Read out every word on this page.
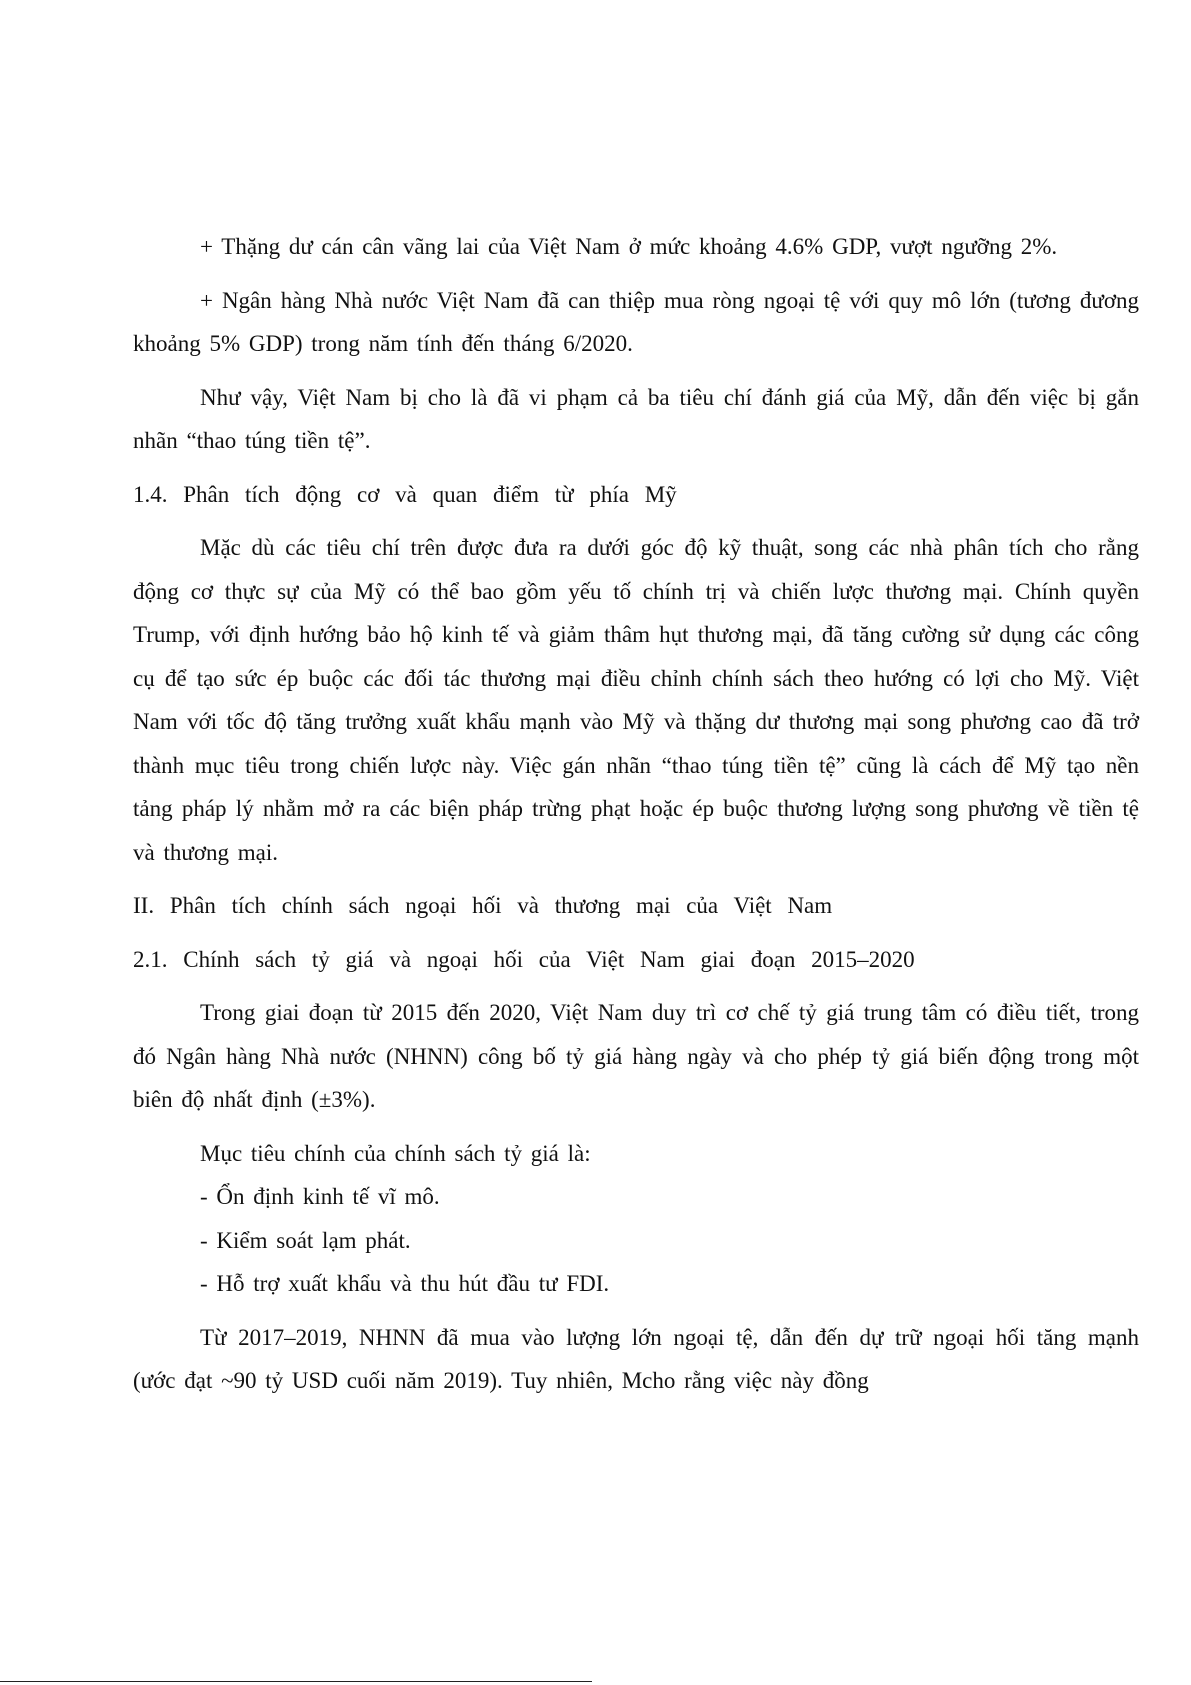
+ Thặng dư cán cân vãng lai của Việt Nam ở mức khoảng 4.6% GDP, vượt ngưỡng 2%.

+ Ngân hàng Nhà nước Việt Nam đã can thiệp mua ròng ngoại tệ với quy mô lớn (tương đương khoảng 5% GDP) trong năm tính đến tháng 6/2020.

Như vậy, Việt Nam bị cho là đã vi phạm cả ba tiêu chí đánh giá của Mỹ, dẫn đến việc bị gắn nhãn “thao túng tiền tệ”.

1.4. Phân tích động cơ và quan điểm từ phía Mỹ

Mặc dù các tiêu chí trên được đưa ra dưới góc độ kỹ thuật, song các nhà phân tích cho rằng động cơ thực sự của Mỹ có thể bao gồm yếu tố chính trị và chiến lược thương mại. Chính quyền Trump, với định hướng bảo hộ kinh tế và giảm thâm hụt thương mại, đã tăng cường sử dụng các công cụ để tạo sức ép buộc các đối tác thương mại điều chỉnh chính sách theo hướng có lợi cho Mỹ. Việt Nam với tốc độ tăng trưởng xuất khẩu mạnh vào Mỹ và thặng dư thương mại song phương cao đã trở thành mục tiêu trong chiến lược này. Việc gán nhãn “thao túng tiền tệ” cũng là cách để Mỹ tạo nền tảng pháp lý nhằm mở ra các biện pháp trừng phạt hoặc ép buộc thương lượng song phương về tiền tệ và thương mại.

II. Phân tích chính sách ngoại hối và thương mại của Việt Nam

2.1. Chính sách tỷ giá và ngoại hối của Việt Nam giai đoạn 2015–2020

Trong giai đoạn từ 2015 đến 2020, Việt Nam duy trì cơ chế tỷ giá trung tâm có điều tiết, trong đó Ngân hàng Nhà nước (NHNN) công bố tỷ giá hàng ngày và cho phép tỷ giá biến động trong một biên độ nhất định (±3%).

Mục tiêu chính của chính sách tỷ giá là:

- Ổn định kinh tế vĩ mô.

- Kiểm soát lạm phát.

- Hỗ trợ xuất khẩu và thu hút đầu tư FDI.

Từ 2017–2019, NHNN đã mua vào lượng lớn ngoại tệ, dẫn đến dự trữ ngoại hối tăng mạnh (ước đạt ~90 tỷ USD cuối năm 2019). Tuy nhiên, Mcho rằng việc này đồng
